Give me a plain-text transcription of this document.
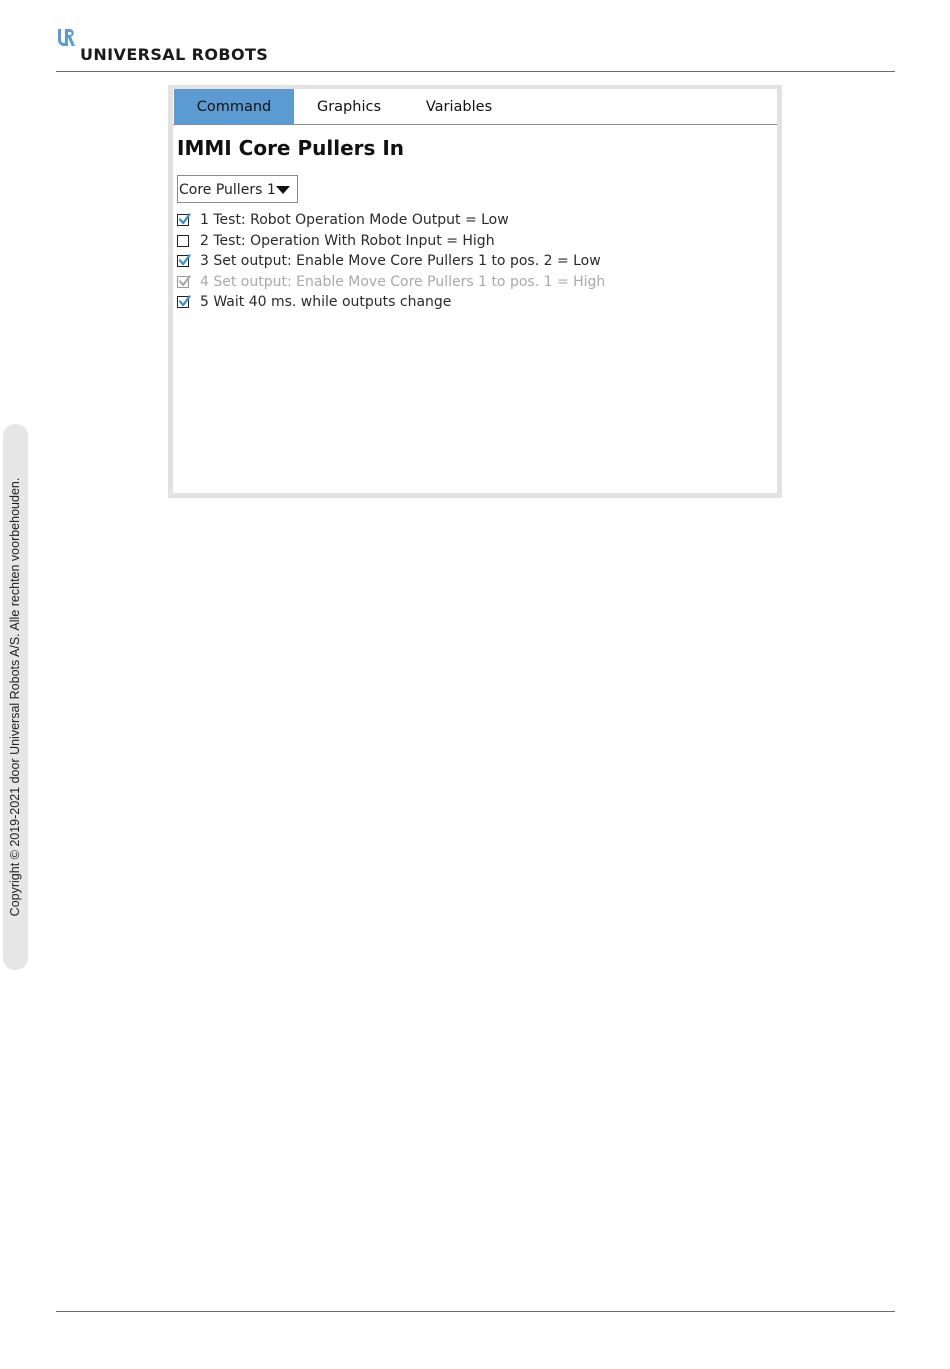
UNIVERSAL ROBOTS
Copyright © 2019-2021 door Universal Robots A/S. Alle rechten voorbehouden.
Command	Graphics	Variables
IMMI Core Pullers In
Core Pullers 1
1 Test: Robot Operation Mode Output = Low
2 Test: Operation With Robot Input = High
3 Set output: Enable Move Core Pullers 1 to pos. 2 = Low
4 Set output: Enable Move Core Pullers 1 to pos. 1 = High
5 Wait 40 ms. while outputs change
